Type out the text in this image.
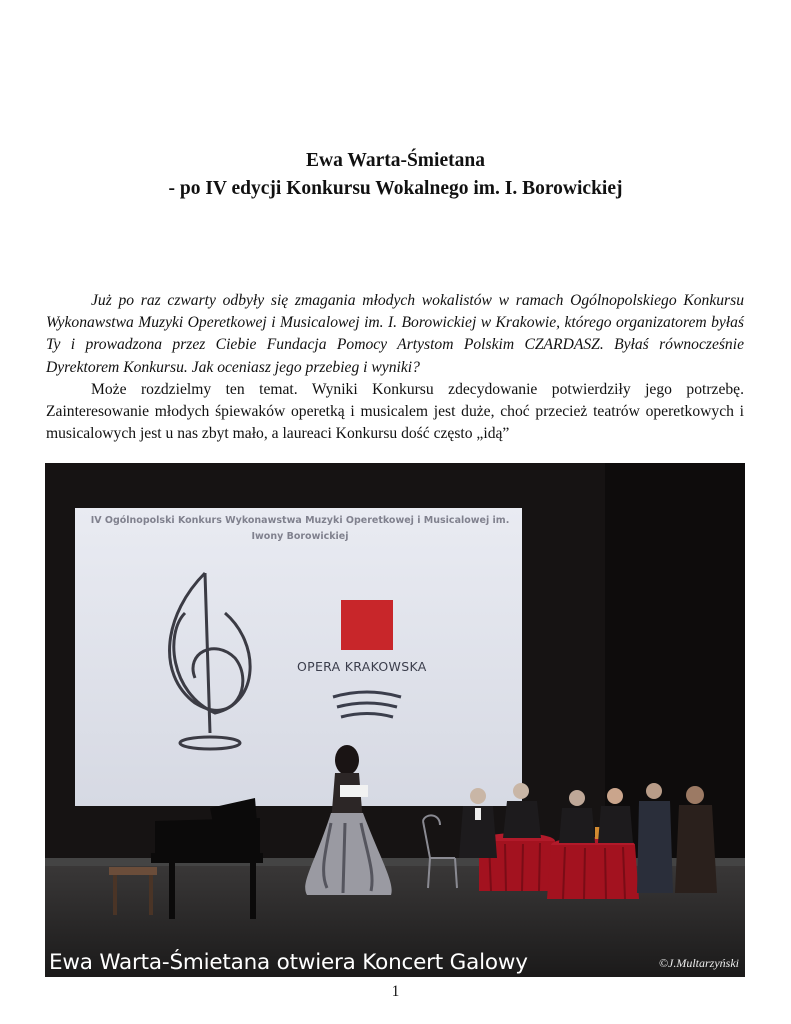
Ewa Warta-Śmietana
- po IV edycji Konkursu Wokalnego im. I. Borowickiej

Już po raz czwarty odbyły się zmagania młodych wokalistów w ramach Ogólnopolskiego Konkursu Wykonawstwa Muzyki Operetkowej i Musicalowej im. I. Borowickiej w Krakowie, którego organizatorem byłaś Ty i prowadzona przez Ciebie Fundacja Pomocy Artystom Polskim CZARDASZ. Byłaś równocześnie Dyrektorem Konkursu. Jak oceniasz jego przebieg i wyniki?

Może rozdzielmy ten temat. Wyniki Konkursu zdecydowanie potwierdziły jego potrzebę. Zainteresowanie młodych śpiewaków operetką i musicalem jest duże, choć przecież teatrów operetkowych i musicalowych jest u nas zbyt mało, a laureaci Konkursu dość często „idą”

IV Ogólnopolski Konkurs Wykonawstwa Muzyki Operetkowej i Musicalowej im. Iwony Borowickiej
OPERA KRAKOWSKA
Ewa Warta-Śmietana otwiera Koncert Galowy	©J.Multarzyński
1
